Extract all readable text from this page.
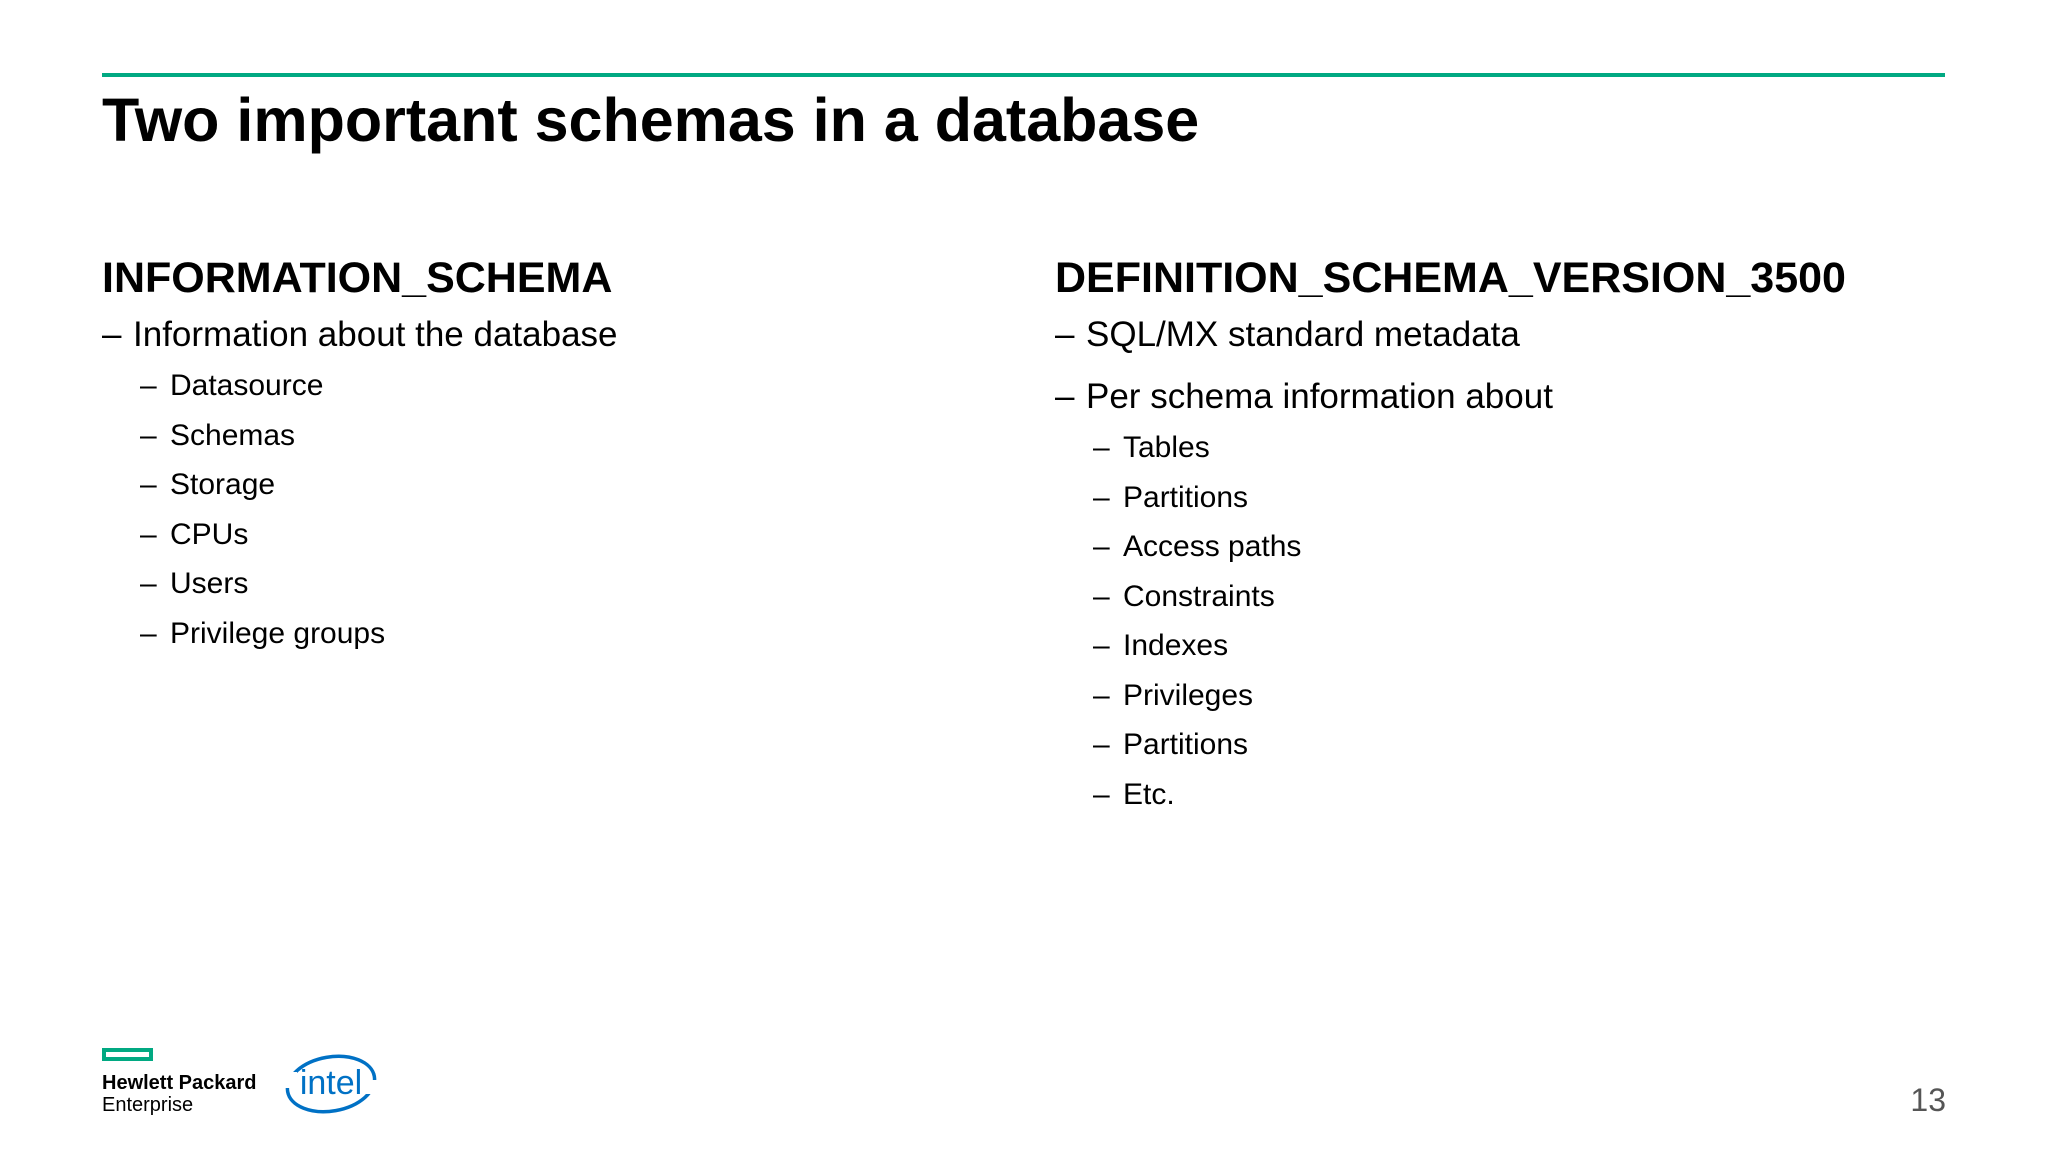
Two important schemas in a database
INFORMATION_SCHEMA
– Information about the database
– Datasource
– Schemas
– Storage
– CPUs
– Users
– Privilege groups
DEFINITION_SCHEMA_VERSION_3500
– SQL/MX standard metadata
– Per schema information about
– Tables
– Partitions
– Access paths
– Constraints
– Indexes
– Privileges
– Partitions
– Etc.
Hewlett Packard
Enterprise
intel	13
